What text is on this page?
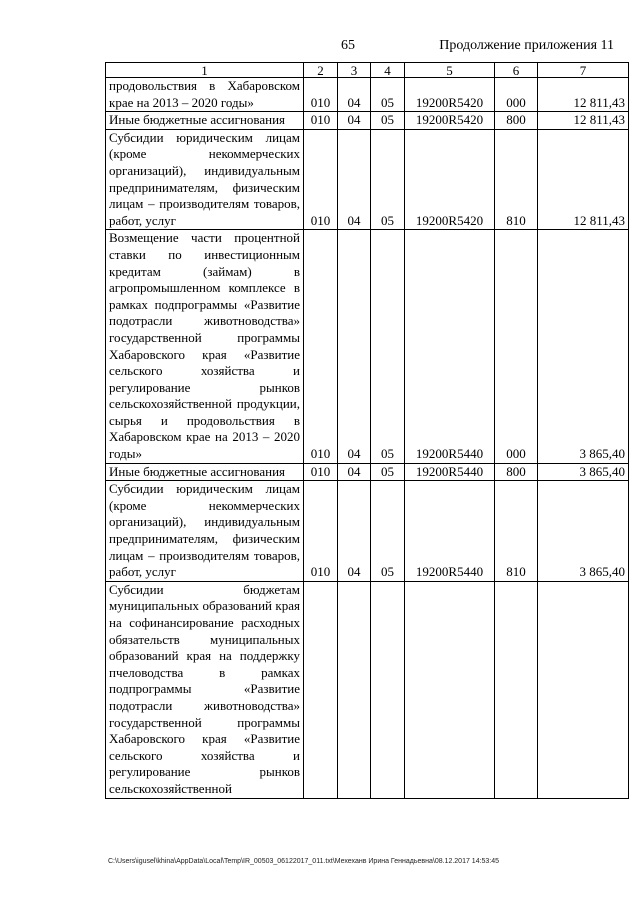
65	Продолжение приложения 11
1	2	3	4	5	6	7
продовольствия в Хабаровском крае на 2013 – 2020 годы»	010	04	05	19200R5420	000	12 811,43
Иные бюджетные ассигнования	010	04	05	19200R5420	800	12 811,43
Субсидии юридическим лицам (кроме некоммерческих организаций), индивидуальным предпринимателям, физическим лицам – производителям товаров, работ, услуг	010	04	05	19200R5420	810	12 811,43
Возмещение части процентной ставки по инвестиционным кредитам (займам) в агропромышленном комплексе в рамках подпрограммы «Развитие подотрасли животноводства» государственной программы Хабаровского края «Развитие сельского хозяйства и регулирование рынков сельскохозяйственной продукции, сырья и продовольствия в Хабаровском крае на 2013 – 2020 годы»	010	04	05	19200R5440	000	3 865,40
Иные бюджетные ассигнования	010	04	05	19200R5440	800	3 865,40
Субсидии юридическим лицам (кроме некоммерческих организаций), индивидуальным предпринимателям, физическим лицам – производителям товаров, работ, услуг	010	04	05	19200R5440	810	3 865,40
Субсидии бюджетам муниципальных образований края на софинансирование расходных обязательств муниципальных образований края на поддержку пчеловодства в рамках подпрограммы «Развитие подотрасли животноводства» государственной программы Хабаровского края «Развитие сельского хозяйства и регулирование рынков сельскохозяйственной						
C:\Users\igusel\khina\AppData\Local\Temp\IR_00503_06122017_011.txt\Мехеханв Ирина Геннадьевна\08.12.2017 14:53:45
